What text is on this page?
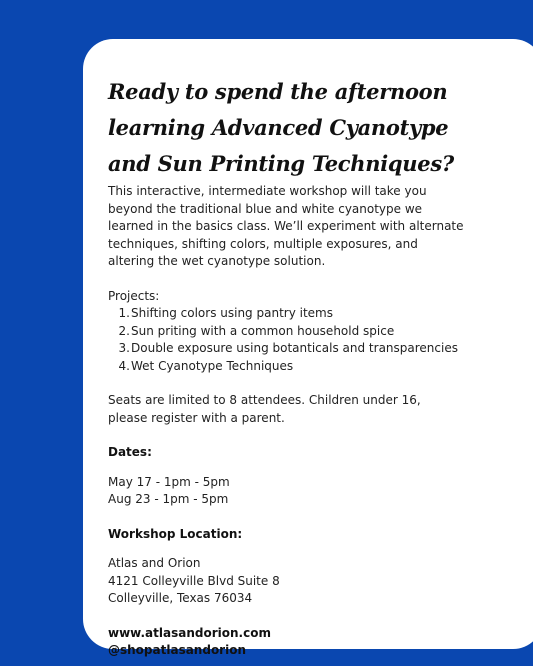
Ready to spend the afternoon learning Advanced Cyanotype and Sun Printing Techniques?

This interactive, intermediate workshop will take you beyond the traditional blue and white cyanotype we learned in the basics class. We’ll experiment with alternate techniques, shifting colors, multiple exposures, and altering the wet cyanotype solution.

Projects:

1. Shifting colors using pantry items
2. Sun priting with a common household spice
3. Double exposure using botanticals and transparencies
4. Wet Cyanotype Techniques

Seats are limited to 8 attendees. Children under 16, please register with a parent.

Dates:

May 17 - 1pm - 5pm

Aug 23 - 1pm - 5pm

Workshop Location:

Atlas and Orion

4121 Colleyville Blvd Suite 8

Colleyville, Texas 76034

www.atlasandorion.com

@shopatlasandorion
